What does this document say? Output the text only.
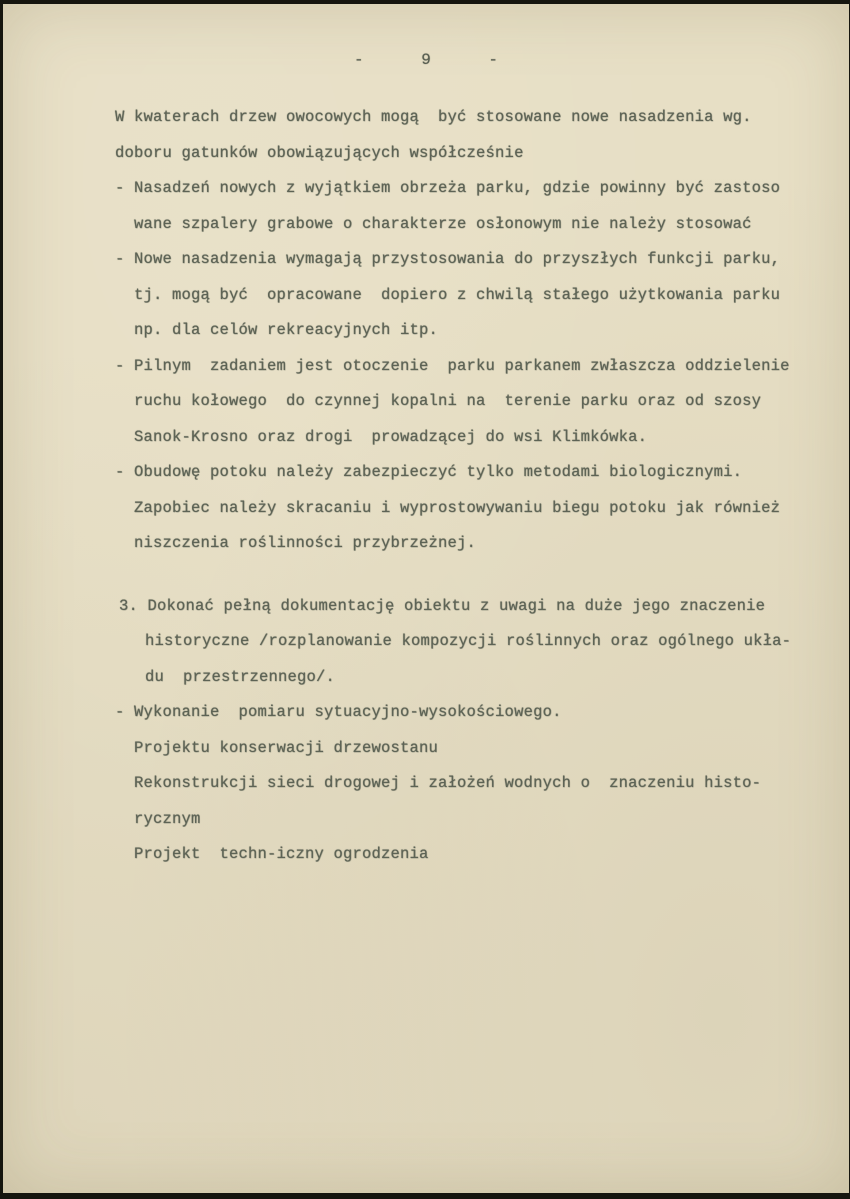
- 9 -
W kwaterach drzew owocowych mogą  być stosowane nowe nasadzenia wg.
doboru gatunków obowiązujących współcześnie
- Nasadzeń nowych z wyjątkiem obrzeża parku, gdzie powinny być zastoso
wane szpalery grabowe o charakterze osłonowym nie należy stosować
- Nowe nasadzenia wymagają przystosowania do przyszłych funkcji parku,
tj. mogą być  opracowane  dopiero z chwilą stałego użytkowania parku
np. dla celów rekreacyjnych itp.
- Pilnym  zadaniem jest otoczenie  parku parkanem zwłaszcza oddzielenie
ruchu kołowego  do czynnej kopalni na  terenie parku oraz od szosy
Sanok-Krosno oraz drogi  prowadzącej do wsi Klimkówka.
- Obudowę potoku należy zabezpieczyć tylko metodami biologicznymi.
Zapobiec należy skracaniu i wyprostowywaniu biegu potoku jak również
niszczenia roślinności przybrzeżnej.
3. Dokonać pełną dokumentację obiektu z uwagi na duże jego znaczenie
historyczne /rozplanowanie kompozycji roślinnych oraz ogólnego ukła-
du  przestrzennego/.
- Wykonanie  pomiaru sytuacyjno-wysokościowego.
Projektu konserwacji drzewostanu
Rekonstrukcji sieci drogowej i założeń wodnych o  znaczeniu histo-
rycznym
Projekt  techn-iczny ogrodzenia
